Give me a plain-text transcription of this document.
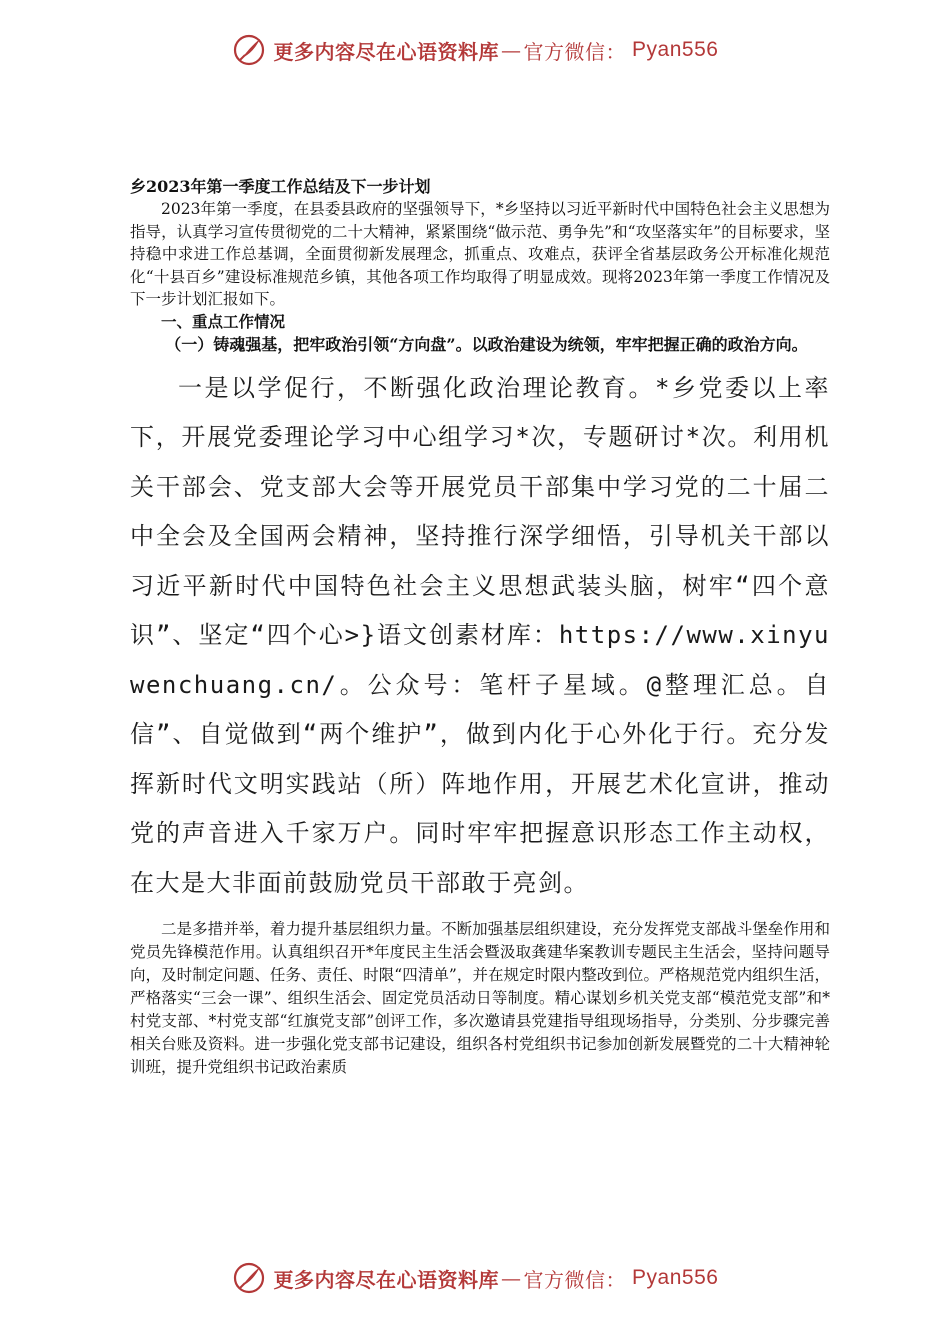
更多内容尽在心语资料库 — 官方微信： Pyan556

乡2023年第一季度工作总结及下一步计划

2023年第一季度，在县委县政府的坚强领导下，*乡坚持以习近平新时代中国特色社会主义思想为指导，认真学习宣传贯彻党的二十大精神，紧紧围绕“做示范、勇争先”和“攻坚落实年”的目标要求，坚持稳中求进工作总基调，全面贯彻新发展理念，抓重点、攻难点，获评全省基层政务公开标准化规范化“十县百乡”建设标准规范乡镇，其他各项工作均取得了明显成效。现将2023年第一季度工作情况及下一步计划汇报如下。

一、重点工作情况

（一）铸魂强基，把牢政治引领“方向盘”。以政治建设为统领，牢牢把握正确的政治方向。

一是以学促行，不断强化政治理论教育。*乡党委以上率下，开展党委理论学习中心组学习*次，专题研讨*次。利用机关干部会、党支部大会等开展党员干部集中学习党的二十届二中全会及全国两会精神，坚持推行深学细悟，引导机关干部以习近平新时代中国特色社会主义思想武装头脑，树牢“四个意识”、坚定“四个心>}语文创素材库：https://www.xinyuwenchuang.cn/。公众号：笔杆子星域。@整理汇总。自信”、自觉做到“两个维护”，做到内化于心外化于行。充分发挥新时代文明实践站（所）阵地作用，开展艺术化宣讲，推动党的声音进入千家万户。同时牢牢把握意识形态工作主动权，在大是大非面前鼓励党员干部敢于亮剑。

二是多措并举，着力提升基层组织力量。不断加强基层组织建设，充分发挥党支部战斗堡垒作用和党员先锋模范作用。认真组织召开*年度民主生活会暨汲取龚建华案教训专题民主生活会，坚持问题导向，及时制定问题、任务、责任、时限“四清单”，并在规定时限内整改到位。严格规范党内组织生活，严格落实“三会一课”、组织生活会、固定党员活动日等制度。精心谋划乡机关党支部“模范党支部”和*村党支部、*村党支部“红旗党支部”创评工作，多次邀请县党建指导组现场指导，分类别、分步骤完善相关台账及资料。进一步强化党支部书记建设，组织各村党组织书记参加创新发展暨党的二十大精神轮训班，提升党组织书记政治素质

更多内容尽在心语资料库 — 官方微信： Pyan556
